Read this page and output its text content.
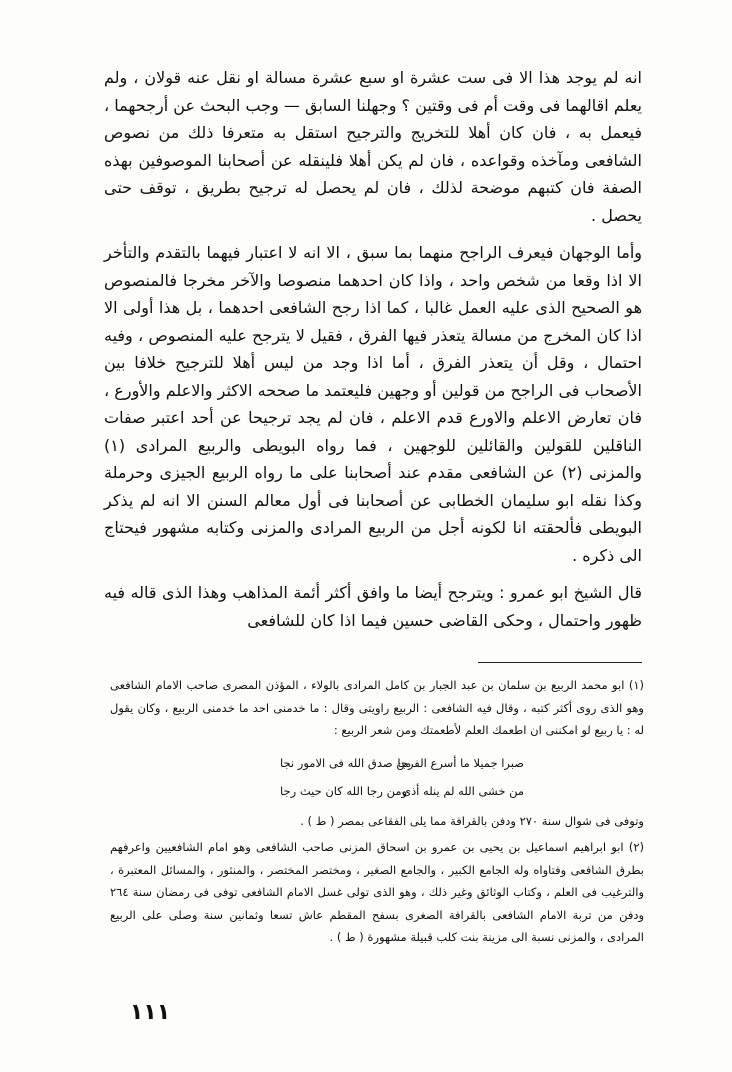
انه لم يوجد هذا الا فى ست عشرة او سبع عشرة مسالة او نقل عنه قولان ، ولم يعلم اقالهما فى وقت أم فى وقتين ؟ وجهلنا السابق — وجب البحث عن أرجحهما ، فيعمل به ، فان كان أهلا للتخريج والترجيح استقل به متعرفا ذلك من نصوص الشافعى ومآخذه وقواعده ، فان لم يكن أهلا فلينقله عن أصحابنا الموصوفين بهذه الصفة فان كتبهم موضحة لذلك ، فان لم يحصل له ترجيح بطريق ، توقف حتى يحصل .

وأما الوجهان فيعرف الراجح منهما بما سبق ، الا انه لا اعتبار فيهما بالتقدم والتأخر الا اذا وقعا من شخص واحد ، واذا كان احدهما منصوصا والآخر مخرجا فالمنصوص هو الصحيح الذى عليه العمل غالبا ، كما اذا رجح الشافعى احدهما ، بل هذا أولى الا اذا كان المخرج من مسالة يتعذر فيها الفرق ، فقيل لا يترجح عليه المنصوص ، وفيه احتمال ، وقل أن يتعذر الفرق ، أما اذا وجد من ليس أهلا للترجيح خلافا بين الأصحاب فى الراجح من قولين أو وجهين فليعتمد ما صححه الاكثر والاعلم والأورع ، فان تعارض الاعلم والاورع قدم الاعلم ، فان لم يجد ترجيحا عن أحد اعتبر صفات الناقلين للقولين والقائلين للوجهين ، فما رواه البويطى والربيع المرادى (١) والمزنى (٢) عن الشافعى مقدم عند أصحابنا على ما رواه الربيع الجيزى وحرملة وكذا نقله ابو سليمان الخطابى عن أصحابنا فى أول معالم السنن الا انه لم يذكر البويطى فألحقته انا لكونه أجل من الربيع المرادى والمزنى وكتابه مشهور فيحتاج الى ذكره .

قال الشيخ ابو عمرو : ويترجح أيضا ما وافق أكثر أئمة المذاهب وهذا الذى قاله فيه ظهور واحتمال ، وحكى القاضى حسين فيما اذا كان للشافعى

(١) ابو محمد الربيع بن سلمان بن عبد الجبار بن كامل المرادى بالولاء ، المؤذن المصرى صاحب الامام الشافعى وهو الذى روى أكثر كتبه ، وقال فيه الشافعى : الربيع راويتى وقال : ما خدمنى احد ما خدمنى الربيع ، وكان يقول له : يا ربيع لو امكننى ان اطعمك العلم لأطعمتك ومن شعر الربيع :

صبرا جميلا ما أسرع الفرجا
من صدق الله فى الامور نجا
من خشى الله لم ينله أذى
ومن رجا الله كان حيث رجا

وتوفى فى شوال سنة ٢٧٠ ودفن بالقرافة مما يلى الفقاعى بمصر ( ط ) .

(٢) ابو ابراهيم اسماعيل بن يحيى بن عمرو بن اسحاق المزنى صاحب الشافعى وهو امام الشافعيين واعرفهم بطرق الشافعى وفتاواه وله الجامع الكبير ، والجامع الصغير ، ومختصر المختصر ، والمنثور ، والمسائل المعتبرة ، والترغيب فى العلم ، وكتاب الوثائق وغير ذلك ، وهو الذى تولى غسل الامام الشافعى توفى فى رمضان سنة ٢٦٤ ودفن من تربة الامام الشافعى بالقرافة الصغرى بسفح المقطم عاش تسعا وثمانين سنة وصلى على الربيع المرادى ، والمزنى نسبة الى مزينة بنت كلب قبيلة مشهورة ( ط ) .

١١١
